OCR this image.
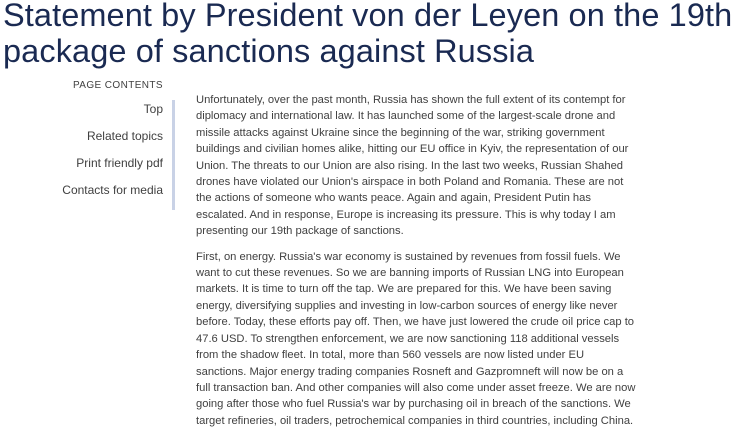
Statement by President von der Leyen on the 19th package of sanctions against Russia
PAGE CONTENTS
Top
Related topics
Print friendly pdf
Contacts for media

Unfortunately, over the past month, Russia has shown the full extent of its contempt for diplomacy and international law. It has launched some of the largest-scale drone and missile attacks against Ukraine since the beginning of the war, striking government buildings and civilian homes alike, hitting our EU office in Kyiv, the representation of our Union. The threats to our Union are also rising. In the last two weeks, Russian Shahed drones have violated our Union's airspace in both Poland and Romania. These are not the actions of someone who wants peace. Again and again, President Putin has escalated. And in response, Europe is increasing its pressure. This is why today I am presenting our 19th package of sanctions.

First, on energy. Russia's war economy is sustained by revenues from fossil fuels. We want to cut these revenues. So we are banning imports of Russian LNG into European markets. It is time to turn off the tap. We are prepared for this. We have been saving energy, diversifying supplies and investing in low-carbon sources of energy like never before. Today, these efforts pay off. Then, we have just lowered the crude oil price cap to 47.6 USD. To strengthen enforcement, we are now sanctioning 118 additional vessels from the shadow fleet. In total, more than 560 vessels are now listed under EU sanctions. Major energy trading companies Rosneft and Gazpromneft will now be on a full transaction ban. And other companies will also come under asset freeze. We are now going after those who fuel Russia's war by purchasing oil in breach of the sanctions. We target refineries, oil traders, petrochemical companies in third countries, including China.
